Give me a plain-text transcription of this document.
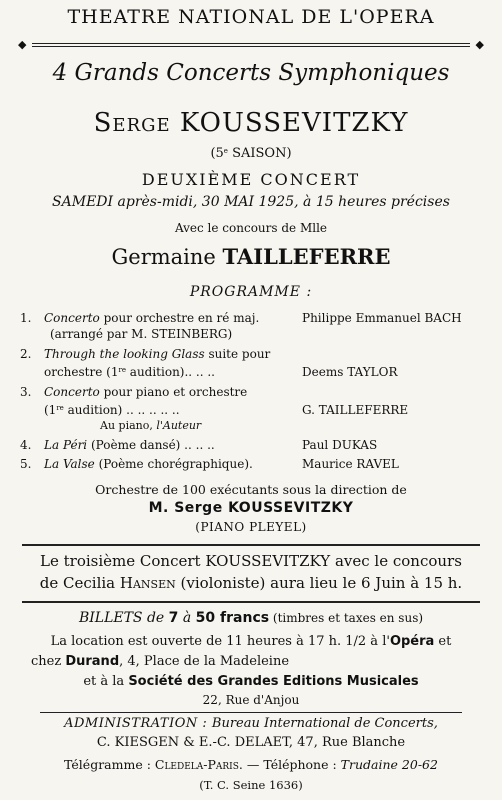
THEATRE NATIONAL DE L'OPERA
◆	◆
4 Grands Concerts Symphoniques
Serge KOUSSEVITZKY
(5e SAISON)
DEUXIÈME CONCERT
SAMEDI après-midi, 30 MAI 1925, à 15 heures précises
Avec le concours de Mlle
Germaine TAILLEFERRE
PROGRAMME :
1.	Concerto pour orchestre en ré maj.	Philippe Emmanuel BACH
(arrangé par M. STEINBERG)
2.	Through the looking Glass suite pour
orchestre (1re audition).. .. ..	Deems TAYLOR
3.	Concerto pour piano et orchestre
(1re audition) .. .. .. .. ..	G. TAILLEFERRE
Au piano, l'Auteur
4.	La Péri (Poème dansé) .. .. ..	Paul DUKAS
5.	La Valse (Poème chorégraphique).	Maurice RAVEL
Orchestre de 100 exécutants sous la direction de
M. Serge KOUSSEVITZKY
(PIANO PLEYEL)
Le troisième Concert KOUSSEVITZKY avec le concours
de Cecilia Hansen (violoniste) aura lieu le 6 Juin à 15 h.
BILLETS de 7 à 50 francs (timbres et taxes en sus)
La location est ouverte de 11 heures à 17 h. 1/2 à l'Opéra et
chez Durand, 4, Place de la Madeleine
et à la Société des Grandes Editions Musicales
22, Rue d'Anjou
ADMINISTRATION : Bureau International de Concerts,
C. KIESGEN & E.-C. DELAET, 47, Rue Blanche
Télégramme : Cledela-Paris. — Téléphone : Trudaine 20-62
(T. C. Seine 1636)
